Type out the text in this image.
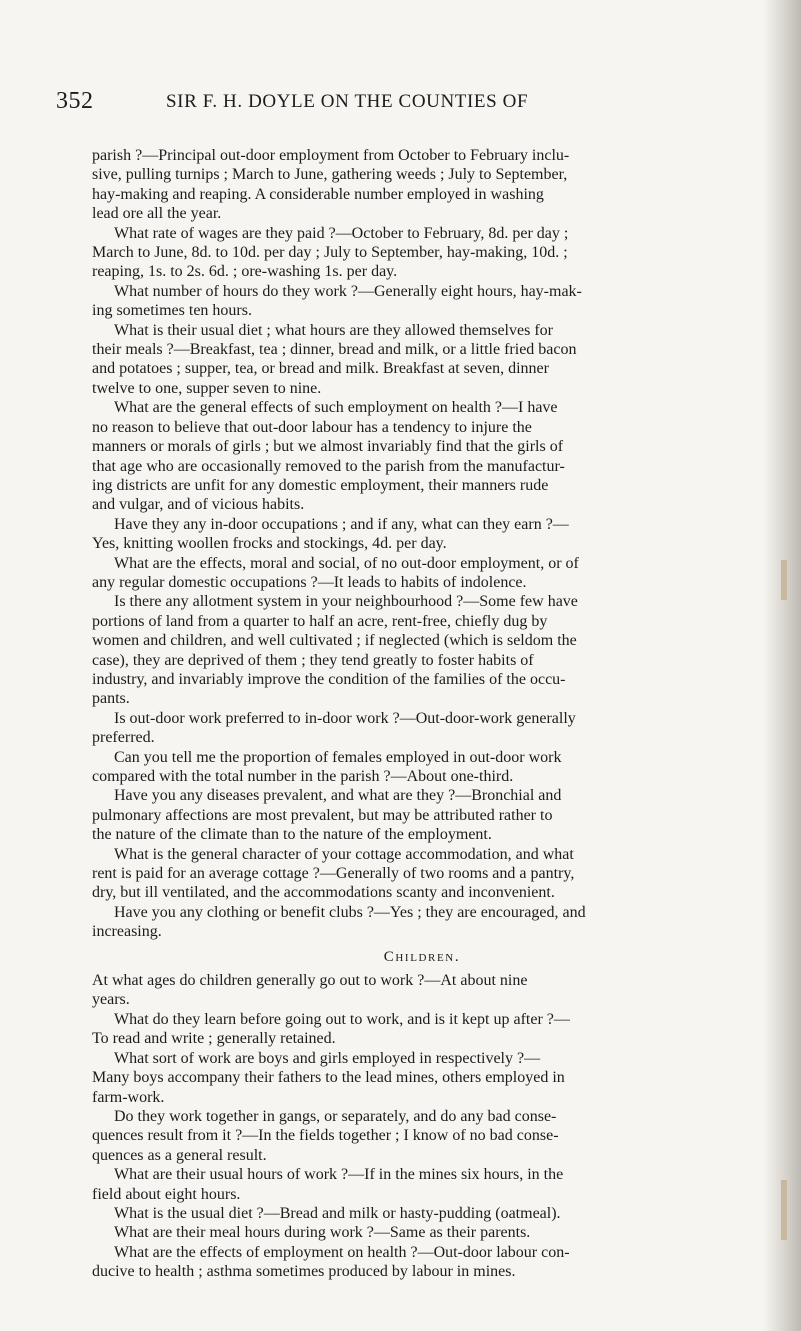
352	SIR F. H. DOYLE ON THE COUNTIES OF
parish ?—Principal out-door employment from October to February inclu-
sive, pulling turnips ; March to June, gathering weeds ; July to September,
hay-making and reaping. A considerable number employed in washing
lead ore all the year.
What rate of wages are they paid ?—October to February, 8d. per day ;
March to June, 8d. to 10d. per day ; July to September, hay-making, 10d. ;
reaping, 1s. to 2s. 6d. ; ore-washing 1s. per day.
What number of hours do they work ?—Generally eight hours, hay-mak-
ing sometimes ten hours.
What is their usual diet ; what hours are they allowed themselves for
their meals ?—Breakfast, tea ; dinner, bread and milk, or a little fried bacon
and potatoes ; supper, tea, or bread and milk. Breakfast at seven, dinner
twelve to one, supper seven to nine.
What are the general effects of such employment on health ?—I have
no reason to believe that out-door labour has a tendency to injure the
manners or morals of girls ; but we almost invariably find that the girls of
that age who are occasionally removed to the parish from the manufactur-
ing districts are unfit for any domestic employment, their manners rude
and vulgar, and of vicious habits.
Have they any in-door occupations ; and if any, what can they earn ?—
Yes, knitting woollen frocks and stockings, 4d. per day.
What are the effects, moral and social, of no out-door employment, or of
any regular domestic occupations ?—It leads to habits of indolence.
Is there any allotment system in your neighbourhood ?—Some few have
portions of land from a quarter to half an acre, rent-free, chiefly dug by
women and children, and well cultivated ; if neglected (which is seldom the
case), they are deprived of them ; they tend greatly to foster habits of
industry, and invariably improve the condition of the families of the occu-
pants.
Is out-door work preferred to in-door work ?—Out-door-work generally
preferred.
Can you tell me the proportion of females employed in out-door work
compared with the total number in the parish ?—About one-third.
Have you any diseases prevalent, and what are they ?—Bronchial and
pulmonary affections are most prevalent, but may be attributed rather to
the nature of the climate than to the nature of the employment.
What is the general character of your cottage accommodation, and what
rent is paid for an average cottage ?—Generally of two rooms and a pantry,
dry, but ill ventilated, and the accommodations scanty and inconvenient.
Have you any clothing or benefit clubs ?—Yes ; they are encouraged, and
increasing.
Children.
At what ages do children generally go out to work ?—At about nine
years.
What do they learn before going out to work, and is it kept up after ?—
To read and write ; generally retained.
What sort of work are boys and girls employed in respectively ?—
Many boys accompany their fathers to the lead mines, others employed in
farm-work.
Do they work together in gangs, or separately, and do any bad conse-
quences result from it ?—In the fields together ; I know of no bad conse-
quences as a general result.
What are their usual hours of work ?—If in the mines six hours, in the
field about eight hours.
What is the usual diet ?—Bread and milk or hasty-pudding (oatmeal).
What are their meal hours during work ?—Same as their parents.
What are the effects of employment on health ?—Out-door labour con-
ducive to health ; asthma sometimes produced by labour in mines.
